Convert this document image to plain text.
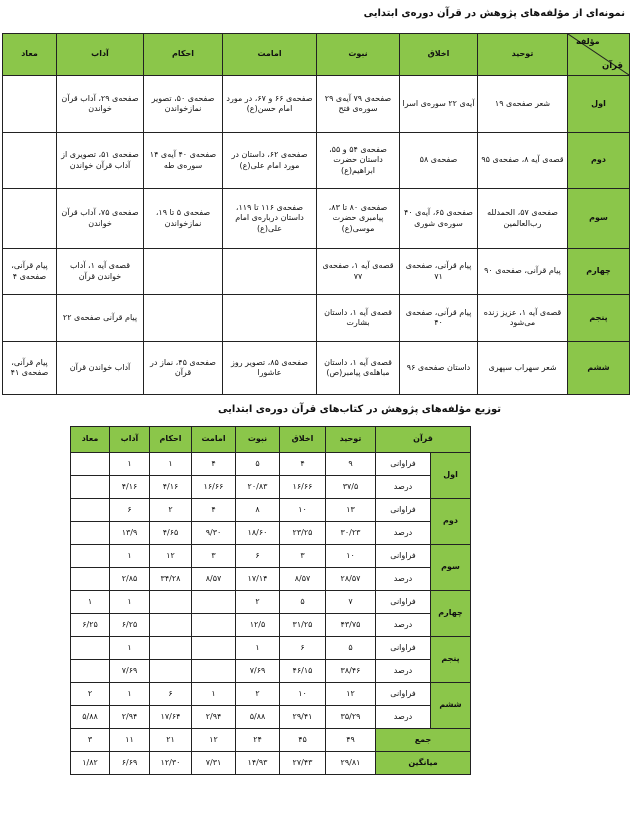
نمونه‌ای از مؤلفه‌های پژوهش در قرآن دوره‌ی ابتدایی
مؤلفه
قرآن	توحید	اخلاق	نبوت	امامت	احکام	آداب	معاد
اول	شعر صفحه‌ی ۱۹	آیه‌ی ۲۲ سوره‌ی اسرا	صفحه‌ی ۷۹ آیه‌ی ۲۹ سوره‌ی فتح	صفحه‌ی ۶۶ و ۶۷، در مورد امام حسن(ع)	صفحه‌ی ۵۰، تصویر نمازخواندن	صفحه‌ی ۲۹، آداب قرآن خواندن	
دوم	قصه‌ی آیه ۸، صفحه‌ی ۹۵	صفحه‌ی ۵۸	صفحه‌ی ۵۴ و ۵۵، داستان حضرت ابراهیم(ع)	صفحه‌ی ۶۲، داستان در مورد امام علی(ع)	صفحه‌ی ۴۰ آیه‌ی ۱۴ سوره‌ی طه	صفحه‌ی ۵۱، تصویری از آداب قرآن خواندن	
سوم	صفحه‌ی ۵۷، الحمدلله رب‌العالمین	صفحه‌ی ۶۵، آیه‌ی ۴۰ سوره‌ی شوری	صفحه‌ی ۸۰ تا ۸۳، پیامبری حضرت موسی(ع)	صفحه‌ی ۱۱۶ تا ۱۱۹، داستان درباره‌ی امام علی(ع)	صفحه‌ی ۵ تا ۱۹، نمازخواندن	صفحه‌ی ۷۵، آداب قرآن خواندن	
چهارم	پیام قرآنی، صفحه‌ی ۹۰	پیام قرآنی، صفحه‌ی ۷۱	قصه‌ی آیه ۱، صفحه‌ی ۷۷			قصه‌ی آیه ۱، آداب خواندن قرآن	پیام قرآنی، صفحه‌ی ۴
پنجم	قصه‌ی آیه ۱، عزیز زنده می‌شود	پیام قرآنی، صفحه‌ی ۴۰	قصه‌ی آیه ۱، داستان بشارت			پیام قرآنی صفحه‌ی ۲۲	
ششم	شعر سهراب سپهری	داستان صفحه‌ی ۹۶	قصه‌ی آیه ۱، داستان مباهله‌ی پیامبر(ص)	صفحه‌ی ۸۵، تصویر روز عاشورا	صفحه‌ی ۴۵، نماز در قرآن	آداب خواندن قرآن	پیام قرآنی، صفحه‌ی ۴۱
توزیع مؤلفه‌های پژوهش در کتاب‌های قرآن دوره‌ی ابتدایی
قرآن		توحید	اخلاق	نبوت	امامت	احکام	آداب	معاد
اول	فراوانی	۹	۴	۵	۴	۱	۱	
	درصد	۳۷/۵	۱۶/۶۶	۲۰/۸۳	۱۶/۶۶	۴/۱۶	۴/۱۶	
دوم	فراوانی	۱۳	۱۰	۸	۴	۲	۶	
	درصد	۳۰/۲۳	۲۳/۲۵	۱۸/۶۰	۹/۳۰	۴/۶۵	۱۳/۹	
سوم	فراوانی	۱۰	۳	۶	۳	۱۲	۱	
	درصد	۲۸/۵۷	۸/۵۷	۱۷/۱۴	۸/۵۷	۳۴/۲۸	۲/۸۵	
چهارم	فراوانی	۷	۵	۲			۱	۱
	درصد	۴۳/۷۵	۳۱/۲۵	۱۲/۵			۶/۲۵	۶/۲۵
پنجم	فراوانی	۵	۶	۱			۱	
	درصد	۳۸/۴۶	۴۶/۱۵	۷/۶۹			۷/۶۹	
ششم	فراوانی	۱۲	۱۰	۲	۱	۶	۱	۲
	درصد	۳۵/۲۹	۲۹/۴۱	۵/۸۸	۲/۹۴	۱۷/۶۴	۲/۹۴	۵/۸۸
جمع		۴۹	۴۵	۲۴	۱۲	۲۱	۱۱	۳
میانگین		۲۹/۸۱	۲۷/۴۳	۱۴/۹۳	۷/۳۱	۱۲/۳۰	۶/۶۹	۱/۸۲
